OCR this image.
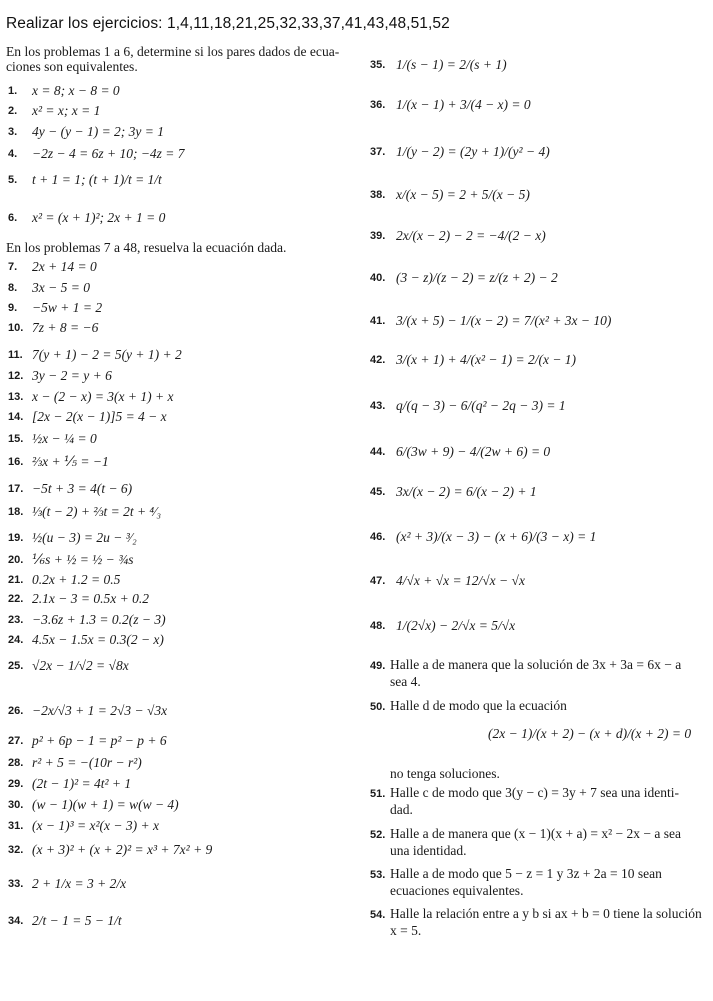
Realizar los ejercicios: 1,4,11,18,21,25,32,33,37,41,43,48,51,52
En los problemas 1 a 6, determine si los pares dados de ecua-
ciones son equivalentes.
En los problemas 7 a 48, resuelva la ecuación dada.
1.	x = 8; x − 8 = 0
2.	x² = x; x = 1
3.	4y − (y − 1) = 2; 3y = 1
4.	−2z − 4 = 6z + 10; −4z = 7
5.	t + 1 = 1; (t + 1)/t = 1/t
6.	x² = (x + 1)²; 2x + 1 = 0
7.	2x + 14 = 0
8.	3x − 5 = 0
9.	−5w + 1 = 2
10. 7z + 8 = −6
11. 7(y + 1) − 2 = 5(y + 1) + 2
12. 3y − 2 = y + 6
13. x − (2 − x) = 3(x + 1) + x
14. [2x − 2(x − 1)]5 = 4 − x
15. ½x − ¼ = 0
16. ⅔x + ⅕ = −1
17. −5t + 3 = 4(t − 6)
18. ⅓(t − 2) + ⅔t = 2t + ⁴⁄₃
19. ½(u − 3) = 2u − ³⁄₂
20. ⅙s + ½ = ½ − ¾s
21. 0.2x + 1.2 = 0.5
22. 2.1x − 3 = 0.5x + 0.2
23. −3.6z + 1.3 = 0.2(z − 3)
24. 4.5x − 1.5x = 0.3(2 − x)
25. √2x − 1/√2 = √8x
26. −2x/√3 + 1 = 2√3 − √3x
27. p² + 6p − 1 = p² − p + 6
28. r² + 5 = −(10r − r²)
29. (2t − 1)² = 4t² + 1
30. (w − 1)(w + 1) = w(w − 4)
31. (x − 1)³ = x²(x − 3) + x
32. (x + 3)² + (x + 2)² = x³ + 7x² + 9
33. 2 + 1/x = 3 + 2/x
34. 2/t − 1 = 5 − 1/t
35. 1/(s − 1) = 2/(s + 1)
36. 1/(x − 1) + 3/(4 − x) = 0
37. 1/(y − 2) = (2y + 1)/(y² − 4)
38. x/(x − 5) = 2 + 5/(x − 5)
39. 2x/(x − 2) − 2 = −4/(2 − x)
40. (3 − z)/(z − 2) = z/(z + 2) − 2
41. 3/(x + 5) − 1/(x − 2) = 7/(x² + 3x − 10)
42. 3/(x + 1) + 4/(x² − 1) = 2/(x − 1)
43. q/(q − 3) − 6/(q² − 2q − 3) = 1
44. 6/(3w + 9) − 4/(2w + 6) = 0
45. 3x/(x − 2) = 6/(x − 2) + 1
46. (x² + 3)/(x − 3) − (x + 6)/(3 − x) = 1
47. 4/√x + √x = 12/√x − √x
48. 1/(2√x) − 2/√x = 5/√x
49. Halle a de manera que la solución de 3x + 3a = 6x − a
sea 4.
50. Halle d de modo que la ecuación
(2x − 1)/(x + 2) − (x + d)/(x + 2) = 0
no tenga soluciones.
51. Halle c de modo que 3(y − c) = 3y + 7 sea una identi-
dad.
52. Halle a de manera que (x − 1)(x + a) = x² − 2x − a sea
una identidad.
53. Halle a de modo que 5 − z = 1 y 3z + 2a = 10 sean
ecuaciones equivalentes.
54. Halle la relación entre a y b si ax + b = 0 tiene la solución
x = 5.
